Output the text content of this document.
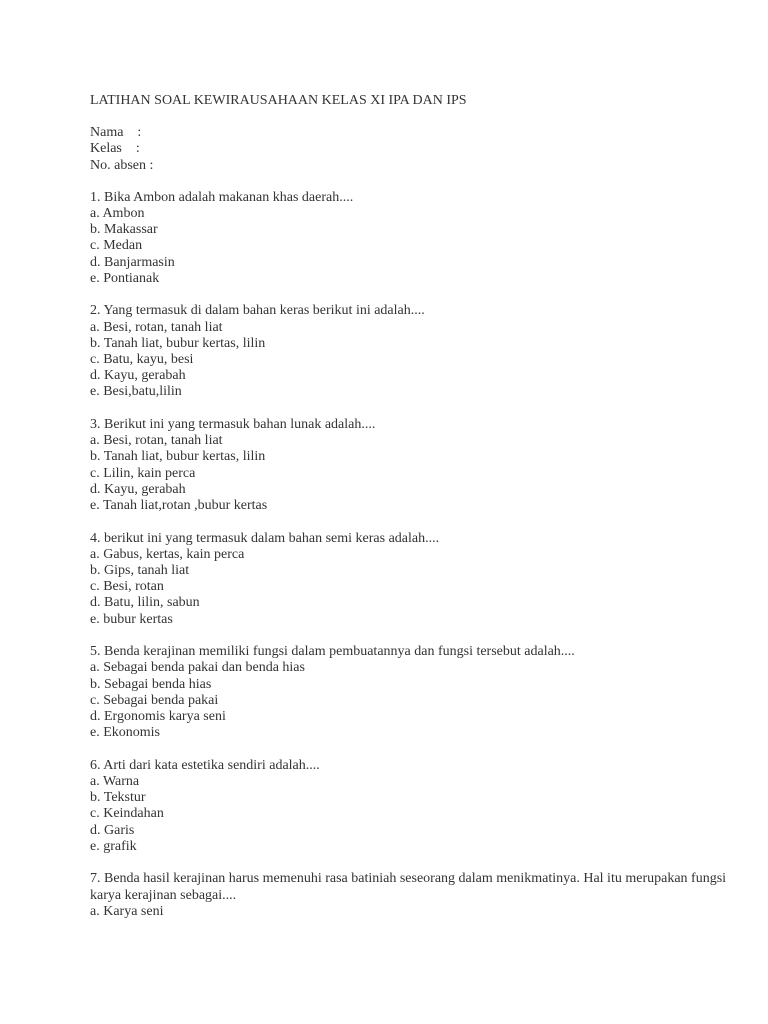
LATIHAN SOAL KEWIRAUSAHAAN KELAS XI IPA DAN IPS
Nama    :
Kelas    :
No. absen :
1. Bika Ambon adalah makanan khas daerah....
a. Ambon
b. Makassar
c. Medan
d. Banjarmasin
e. Pontianak
2. Yang termasuk di dalam bahan keras berikut ini adalah....
a. Besi, rotan, tanah liat
b. Tanah liat, bubur kertas, lilin
c. Batu, kayu, besi
d. Kayu, gerabah
e. Besi,batu,lilin
3. Berikut ini yang termasuk bahan lunak adalah....
a. Besi, rotan, tanah liat
b. Tanah liat, bubur kertas, lilin
c. Lilin, kain perca
d. Kayu, gerabah
e. Tanah liat,rotan ,bubur kertas
4. berikut ini yang termasuk dalam bahan semi keras adalah....
a. Gabus, kertas, kain perca
b. Gips, tanah liat
c. Besi, rotan
d. Batu, lilin, sabun
e. bubur kertas
5. Benda kerajinan memiliki fungsi dalam pembuatannya dan fungsi tersebut adalah....
a. Sebagai benda pakai dan benda hias
b. Sebagai benda hias
c. Sebagai benda pakai
d. Ergonomis karya seni
e. Ekonomis
6. Arti dari kata estetika sendiri adalah....
a. Warna
b. Tekstur
c. Keindahan
d. Garis
e. grafik
7. Benda hasil kerajinan harus memenuhi rasa batiniah seseorang dalam menikmatinya. Hal itu merupakan fungsi karya kerajinan sebagai....
a. Karya seni
